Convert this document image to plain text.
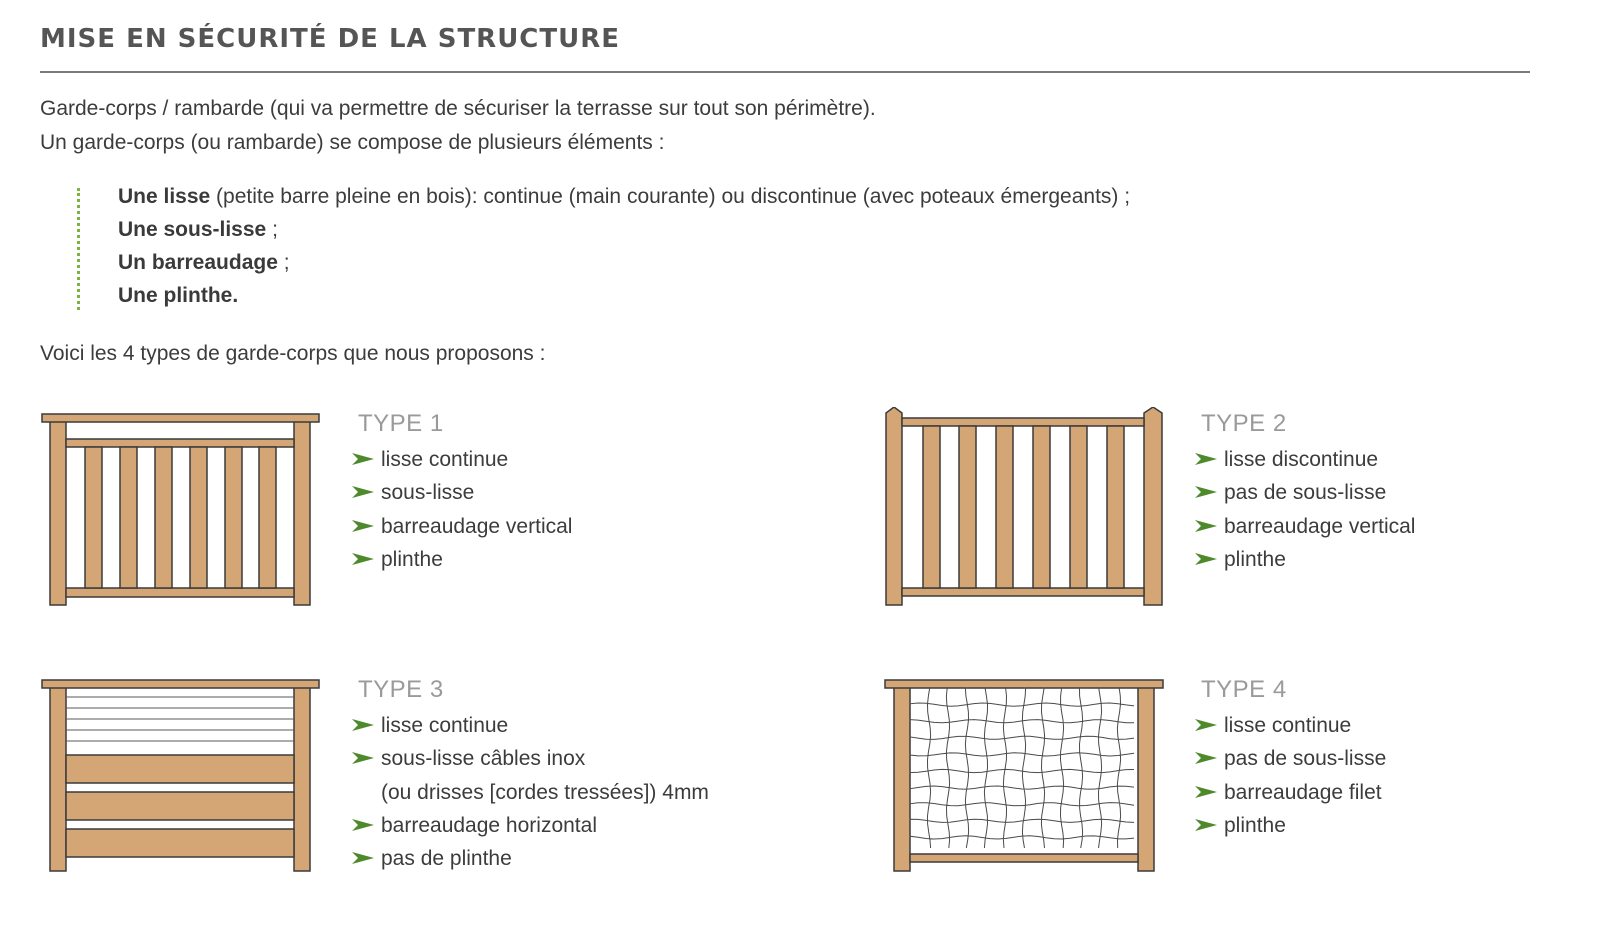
MISE EN SÉCURITÉ DE LA STRUCTURE

Garde-corps / rambarde (qui va permettre de sécuriser la terrasse sur tout son périmètre).

Un garde-corps (ou rambarde) se compose de plusieurs éléments :

Une lisse (petite barre pleine en bois): continue (main courante) ou discontinue (avec poteaux émergeants) ;
Une sous-lisse ;
Un barreaudage ;
Une plinthe.

Voici les 4 types de garde-corps que nous proposons :

TYPE 1
lisse continue
sous-lisse
barreaudage vertical
plinthe
TYPE 2
lisse discontinue
pas de sous-lisse
barreaudage vertical
plinthe
TYPE 3
lisse continue
sous-lisse câbles inox
(ou drisses [cordes tressées]) 4mm
barreaudage horizontal
pas de plinthe
TYPE 4
lisse continue
pas de sous-lisse
barreaudage filet
plinthe
